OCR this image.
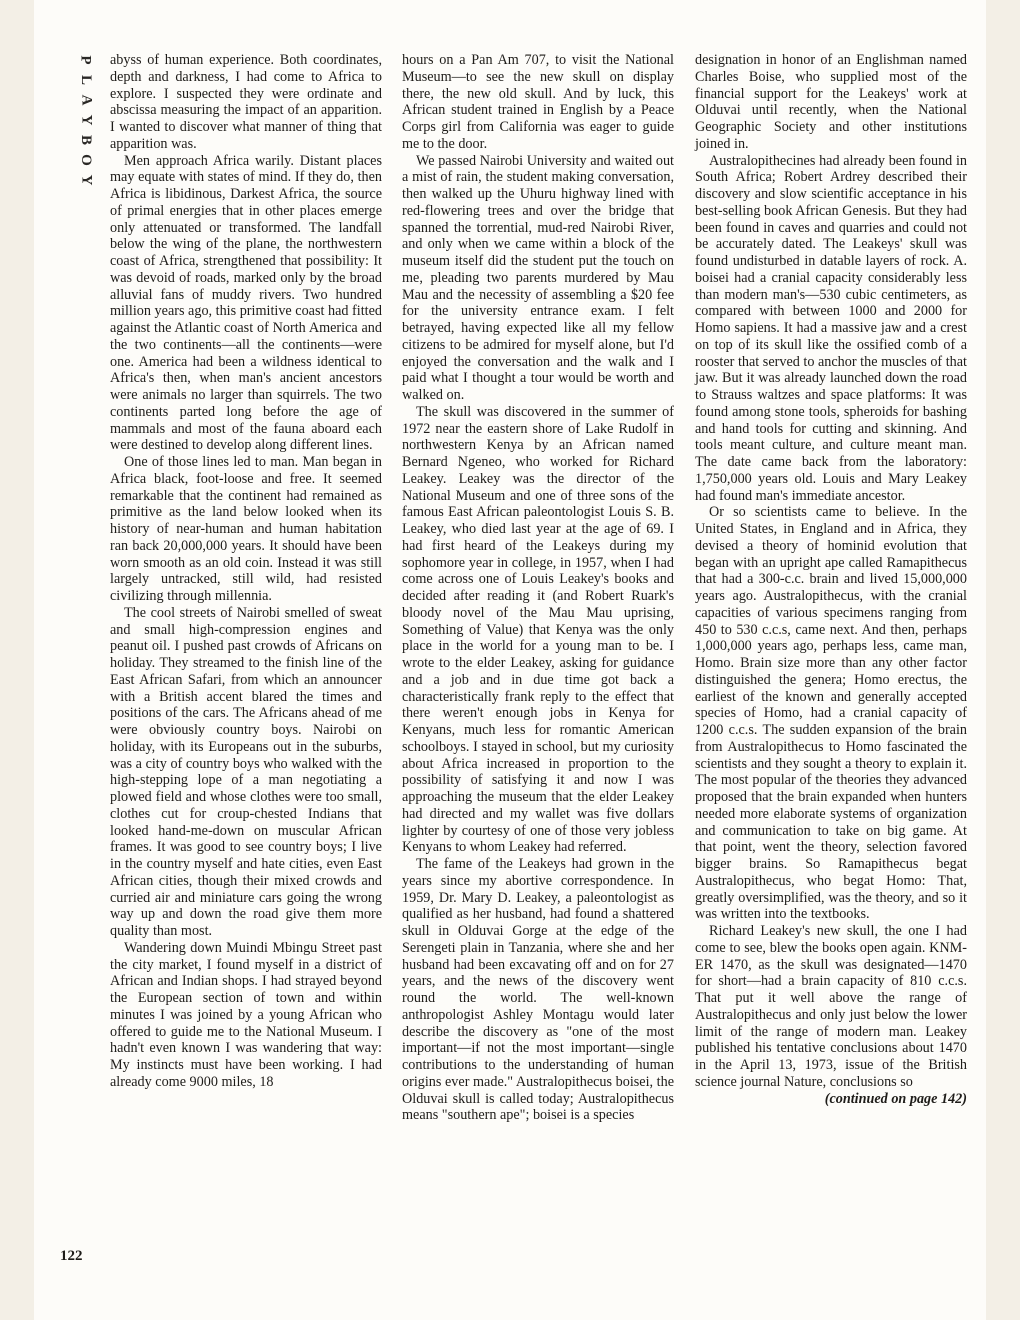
P
L
A
Y
B
O
Y
122

abyss of human experience. Both coordinates, depth and darkness, I had come to Africa to explore. I suspected they were ordinate and abscissa measuring the impact of an apparition. I wanted to discover what manner of thing that apparition was.

Men approach Africa warily. Distant places may equate with states of mind. If they do, then Africa is libidinous, Darkest Africa, the source of primal energies that in other places emerge only attenuated or transformed. The landfall below the wing of the plane, the northwestern coast of Africa, strengthened that possibility: It was devoid of roads, marked only by the broad alluvial fans of muddy rivers. Two hundred million years ago, this primitive coast had fitted against the Atlantic coast of North America and the two continents—all the continents—were one. America had been a wildness identical to Africa's then, when man's ancient ancestors were animals no larger than squirrels. The two continents parted long before the age of mammals and most of the fauna aboard each were destined to develop along different lines.

One of those lines led to man. Man began in Africa black, foot-loose and free. It seemed remarkable that the continent had remained as primitive as the land below looked when its history of near-human and human habitation ran back 20,000,000 years. It should have been worn smooth as an old coin. Instead it was still largely untracked, still wild, had resisted civilizing through millennia.

The cool streets of Nairobi smelled of sweat and small high-compression engines and peanut oil. I pushed past crowds of Africans on holiday. They streamed to the finish line of the East African Safari, from which an announcer with a British accent blared the times and positions of the cars. The Africans ahead of me were obviously country boys. Nairobi on holiday, with its Europeans out in the suburbs, was a city of country boys who walked with the high-stepping lope of a man negotiating a plowed field and whose clothes were too small, clothes cut for croup-chested Indians that looked hand-me-down on muscular African frames. It was good to see country boys; I live in the country myself and hate cities, even East African cities, though their mixed crowds and curried air and miniature cars going the wrong way up and down the road give them more quality than most.

Wandering down Muindi Mbingu Street past the city market, I found myself in a district of African and Indian shops. I had strayed beyond the European section of town and within minutes I was joined by a young African who offered to guide me to the National Museum. I hadn't even known I was wandering that way: My instincts must have been working. I had already come 9000 miles, 18

hours on a Pan Am 707, to visit the National Museum—to see the new skull on display there, the new old skull. And by luck, this African student trained in English by a Peace Corps girl from California was eager to guide me to the door.

We passed Nairobi University and waited out a mist of rain, the student making conversation, then walked up the Uhuru highway lined with red-flowering trees and over the bridge that spanned the torrential, mud-red Nairobi River, and only when we came within a block of the museum itself did the student put the touch on me, pleading two parents murdered by Mau Mau and the necessity of assembling a $20 fee for the university entrance exam. I felt betrayed, having expected like all my fellow citizens to be admired for myself alone, but I'd enjoyed the conversation and the walk and I paid what I thought a tour would be worth and walked on.

The skull was discovered in the summer of 1972 near the eastern shore of Lake Rudolf in northwestern Kenya by an African named Bernard Ngeneo, who worked for Richard Leakey. Leakey was the director of the National Museum and one of three sons of the famous East African paleontologist Louis S. B. Leakey, who died last year at the age of 69. I had first heard of the Leakeys during my sophomore year in college, in 1957, when I had come across one of Louis Leakey's books and decided after reading it (and Robert Ruark's bloody novel of the Mau Mau uprising, Something of Value) that Kenya was the only place in the world for a young man to be. I wrote to the elder Leakey, asking for guidance and a job and in due time got back a characteristically frank reply to the effect that there weren't enough jobs in Kenya for Kenyans, much less for romantic American schoolboys. I stayed in school, but my curiosity about Africa increased in proportion to the possibility of satisfying it and now I was approaching the museum that the elder Leakey had directed and my wallet was five dollars lighter by courtesy of one of those very jobless Kenyans to whom Leakey had referred.

The fame of the Leakeys had grown in the years since my abortive correspondence. In 1959, Dr. Mary D. Leakey, a paleontologist as qualified as her husband, had found a shattered skull in Olduvai Gorge at the edge of the Serengeti plain in Tanzania, where she and her husband had been excavating off and on for 27 years, and the news of the discovery went round the world. The well-known anthropologist Ashley Montagu would later describe the discovery as "one of the most important—if not the most important—single contributions to the understanding of human origins ever made." Australopithecus boisei, the Olduvai skull is called today; Australopithecus means "southern ape"; boisei is a species

designation in honor of an Englishman named Charles Boise, who supplied most of the financial support for the Leakeys' work at Olduvai until recently, when the National Geographic Society and other institutions joined in.

Australopithecines had already been found in South Africa; Robert Ardrey described their discovery and slow scientific acceptance in his best-selling book African Genesis. But they had been found in caves and quarries and could not be accurately dated. The Leakeys' skull was found undisturbed in datable layers of rock. A. boisei had a cranial capacity considerably less than modern man's—530 cubic centimeters, as compared with between 1000 and 2000 for Homo sapiens. It had a massive jaw and a crest on top of its skull like the ossified comb of a rooster that served to anchor the muscles of that jaw. But it was already launched down the road to Strauss waltzes and space platforms: It was found among stone tools, spheroids for bashing and hand tools for cutting and skinning. And tools meant culture, and culture meant man. The date came back from the laboratory: 1,750,000 years old. Louis and Mary Leakey had found man's immediate ancestor.

Or so scientists came to believe. In the United States, in England and in Africa, they devised a theory of hominid evolution that began with an upright ape called Ramapithecus that had a 300-c.c. brain and lived 15,000,000 years ago. Australopithecus, with the cranial capacities of various specimens ranging from 450 to 530 c.c.s, came next. And then, perhaps 1,000,000 years ago, perhaps less, came man, Homo. Brain size more than any other factor distinguished the genera; Homo erectus, the earliest of the known and generally accepted species of Homo, had a cranial capacity of 1200 c.c.s. The sudden expansion of the brain from Australopithecus to Homo fascinated the scientists and they sought a theory to explain it. The most popular of the theories they advanced proposed that the brain expanded when hunters needed more elaborate systems of organization and communication to take on big game. At that point, went the theory, selection favored bigger brains. So Ramapithecus begat Australopithecus, who begat Homo: That, greatly oversimplified, was the theory, and so it was written into the textbooks.

Richard Leakey's new skull, the one I had come to see, blew the books open again. KNM-ER 1470, as the skull was designated—1470 for short—had a brain capacity of 810 c.c.s. That put it well above the range of Australopithecus and only just below the lower limit of the range of modern man. Leakey published his tentative conclusions about 1470 in the April 13, 1973, issue of the British science journal Nature, conclusions so

(continued on page 142)
